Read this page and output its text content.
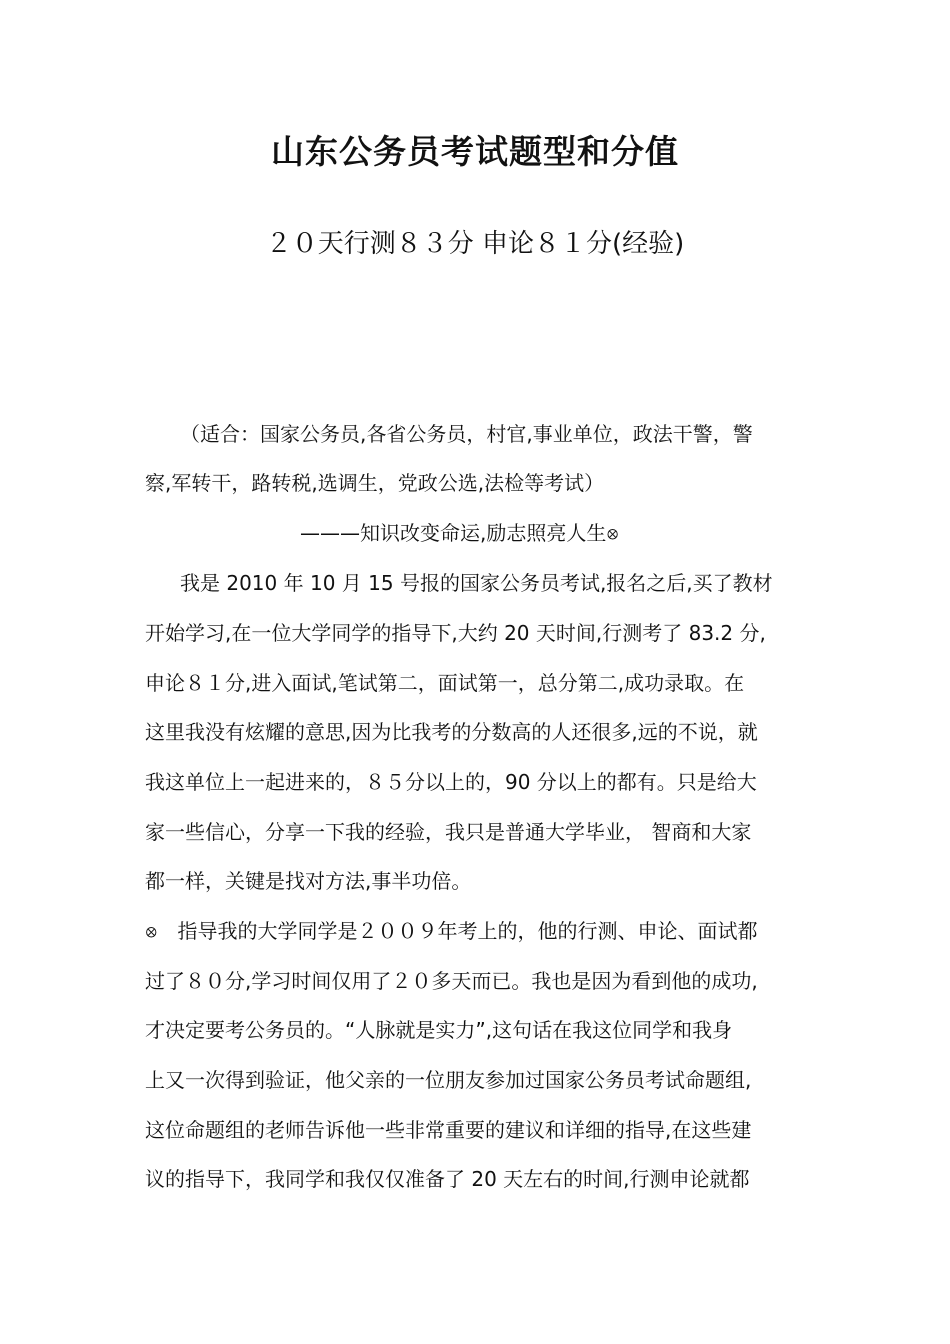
山东公务员考试题型和分值
２０天行测８３分 申论８１分(经验)
（适合：国家公务员,各省公务员，村官,事业单位，政法干警，警
察,军转干，路转税,选调生，党政公选,法检等考试）
———知识改变命运,励志照亮人生ꕕ
我是 2010 年 10 月 15 号报的国家公务员考试,报名之后,买了教材
开始学习,在一位大学同学的指导下,大约 20 天时间,行测考了 83.2 分,
申论８１分,进入面试,笔试第二，面试第一，总分第二,成功录取。在
这里我没有炫耀的意思,因为比我考的分数高的人还很多,远的不说，就
我这单位上一起进来的，８５分以上的，90 分以上的都有。只是给大
家一些信心，分享一下我的经验，我只是普通大学毕业， 智商和大家
都一样，关键是找对方法,事半功倍。
ꕕ 指导我的大学同学是２００９年考上的，他的行测、申论、面试都
过了８０分,学习时间仅用了２０多天而已。我也是因为看到他的成功,
才决定要考公务员的。“人脉就是实力”,这句话在我这位同学和我身
上又一次得到验证，他父亲的一位朋友参加过国家公务员考试命题组,
这位命题组的老师告诉他一些非常重要的建议和详细的指导,在这些建
议的指导下，我同学和我仅仅准备了 20 天左右的时间,行测申论就都
